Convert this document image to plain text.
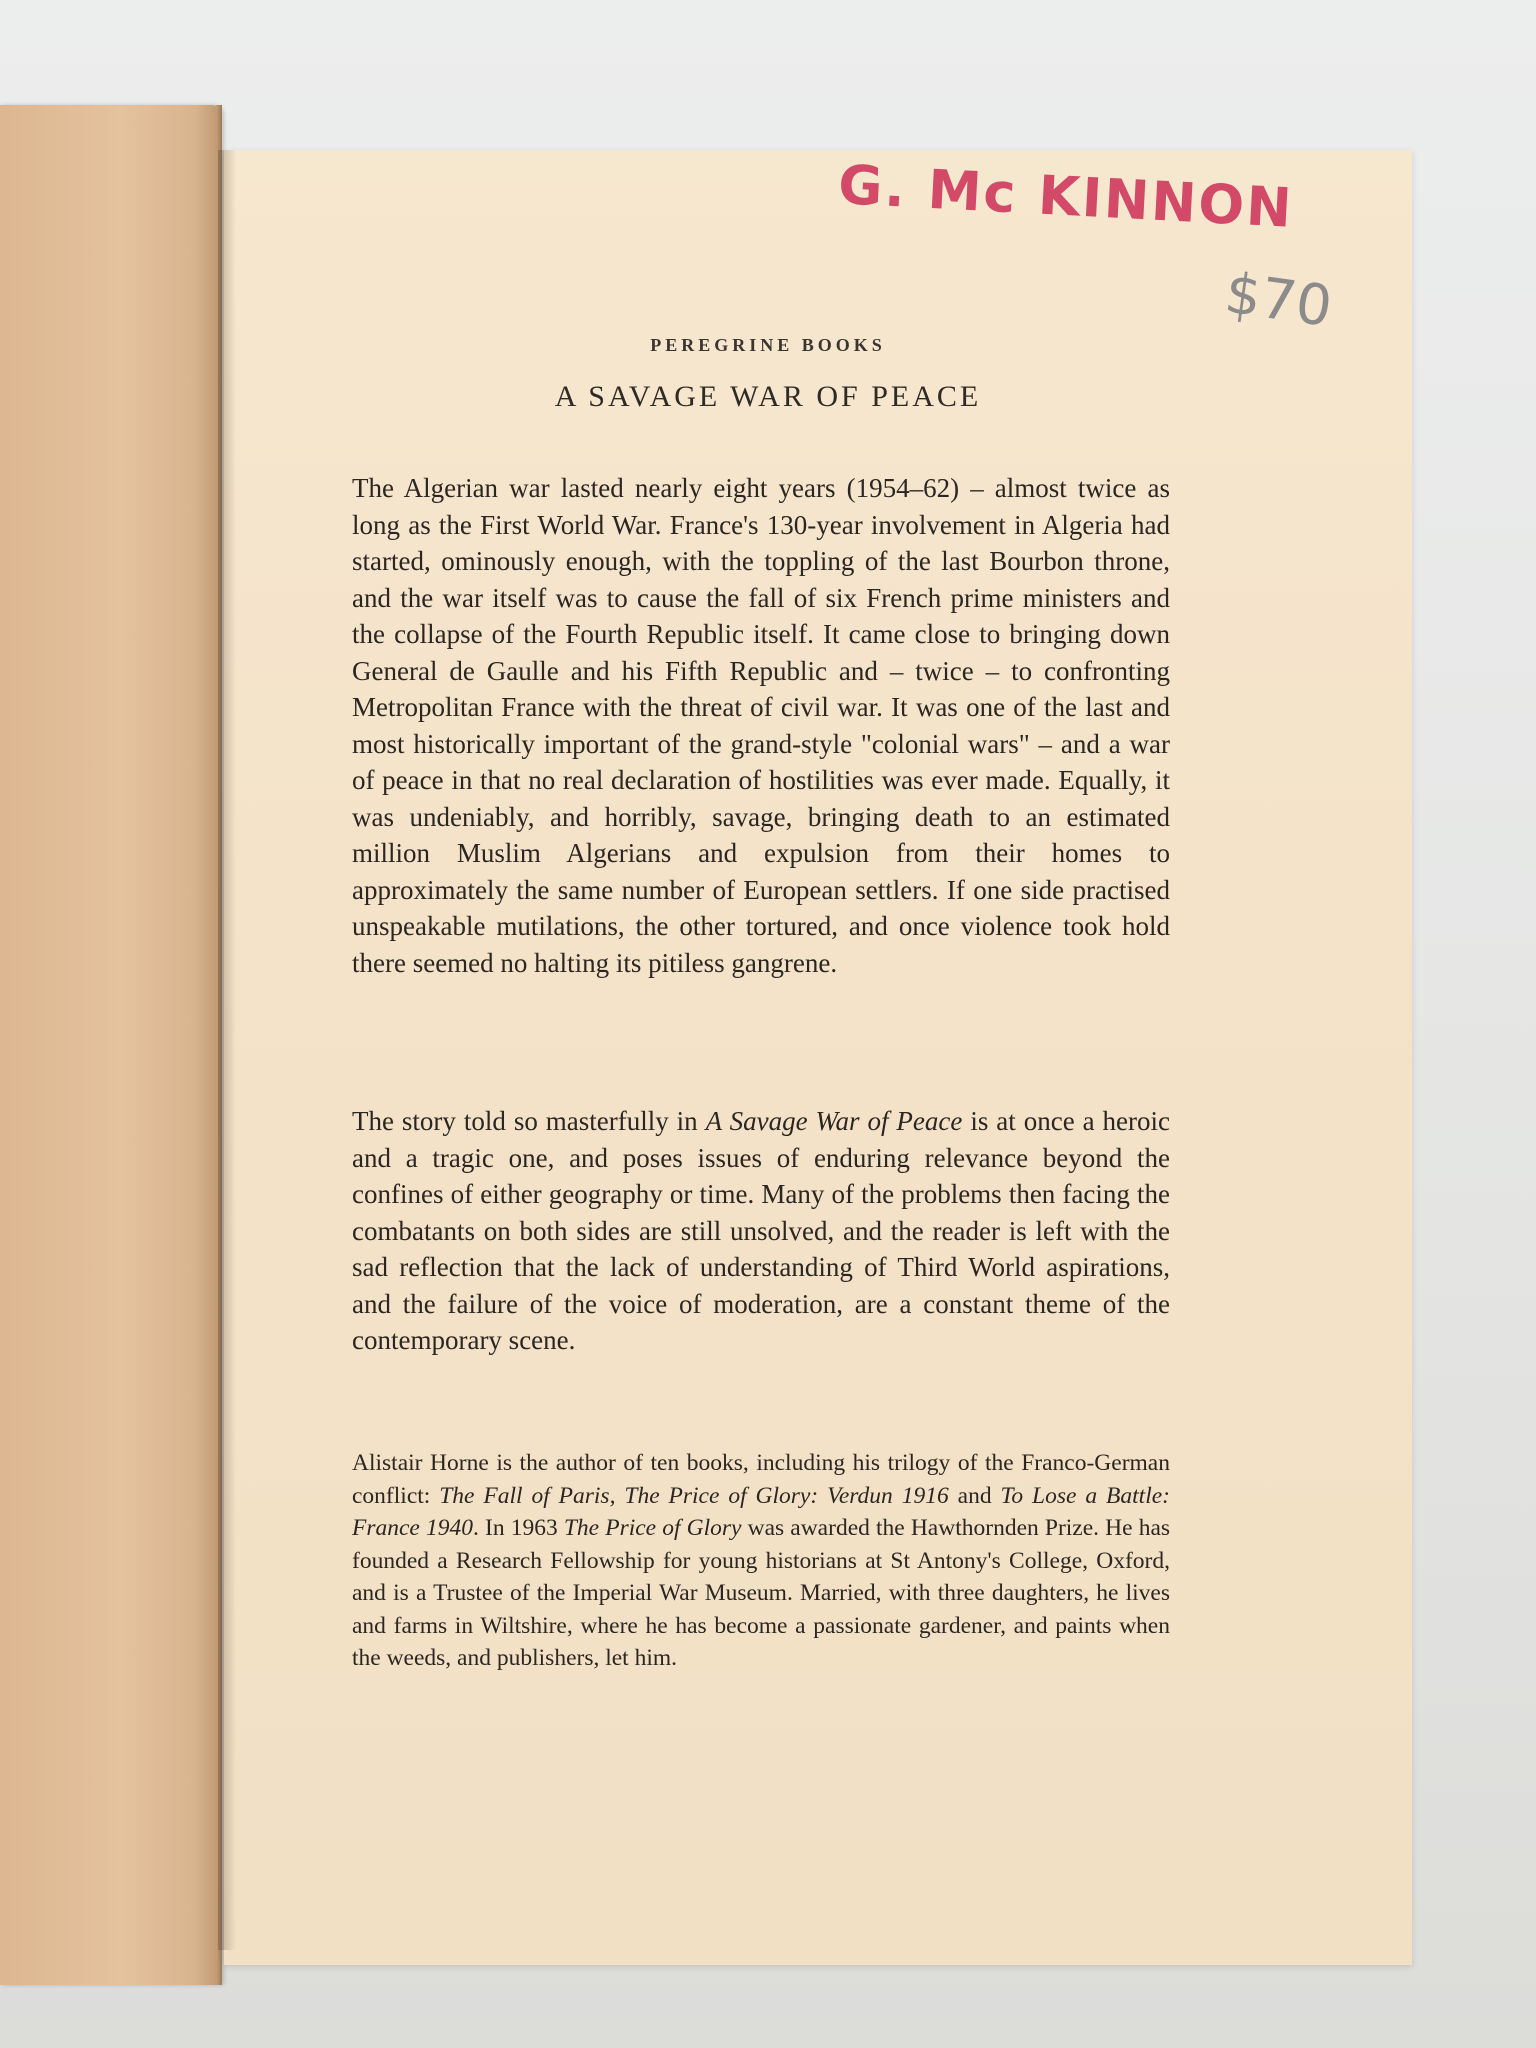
G. Mc KINNON
$70
PEREGRINE BOOKS
A SAVAGE WAR OF PEACE

The Algerian war lasted nearly eight years (1954–62) – almost twice as long as the First World War. France's 130-year involvement in Algeria had started, ominously enough, with the toppling of the last Bourbon throne, and the war itself was to cause the fall of six French prime ministers and the collapse of the Fourth Republic itself. It came close to bringing down General de Gaulle and his Fifth Republic and – twice – to confronting Metropolitan France with the threat of civil war. It was one of the last and most historically important of the grand-style "colonial wars" – and a war of peace in that no real declaration of hostilities was ever made. Equally, it was undeniably, and horribly, savage, bringing death to an estimated million Muslim Algerians and expulsion from their homes to approximately the same number of European settlers. If one side practised unspeakable mutilations, the other tortured, and once violence took hold there seemed no halting its pitiless gangrene.

The story told so masterfully in A Savage War of Peace is at once a heroic and a tragic one, and poses issues of enduring relevance beyond the confines of either geography or time. Many of the problems then facing the combatants on both sides are still unsolved, and the reader is left with the sad reflection that the lack of understanding of Third World aspirations, and the failure of the voice of moderation, are a constant theme of the contemporary scene.

Alistair Horne is the author of ten books, including his trilogy of the Franco-German conflict: The Fall of Paris, The Price of Glory: Verdun 1916 and To Lose a Battle: France 1940. In 1963 The Price of Glory was awarded the Hawthornden Prize. He has founded a Research Fellowship for young historians at St Antony's College, Oxford, and is a Trustee of the Imperial War Museum. Married, with three daughters, he lives and farms in Wiltshire, where he has become a passionate gardener, and paints when the weeds, and publishers, let him.
